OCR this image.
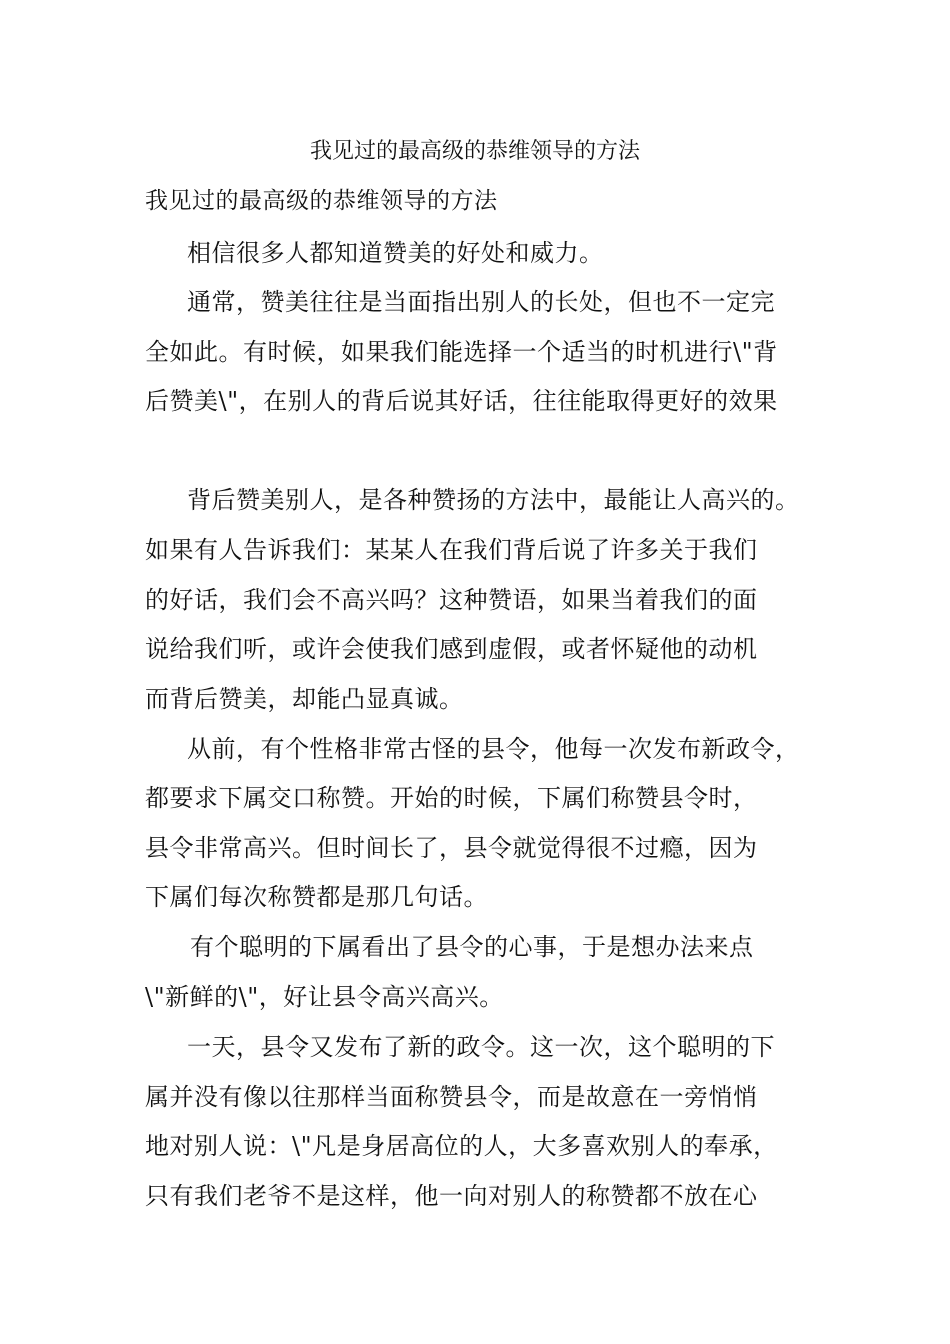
我见过的最高级的恭维领导的方法
我见过的最高级的恭维领导的方法
相信很多人都知道赞美的好处和威力。
通常，赞美往往是当面指出别人的长处，但也不一定完
全如此。有时候，如果我们能选择一个适当的时机进行\"背
后赞美\"，在别人的背后说其好话，往往能取得更好的效果
背后赞美别人，是各种赞扬的方法中，最能让人高兴的。
如果有人告诉我们：某某人在我们背后说了许多关于我们
的好话，我们会不高兴吗？这种赞语，如果当着我们的面
说给我们听，或许会使我们感到虚假，或者怀疑他的动机
而背后赞美，却能凸显真诚。
从前，有个性格非常古怪的县令，他每一次发布新政令，
都要求下属交口称赞。开始的时候，下属们称赞县令时，
县令非常高兴。但时间长了，县令就觉得很不过瘾，因为
下属们每次称赞都是那几句话。
有个聪明的下属看出了县令的心事，于是想办法来点
\"新鲜的\"，好让县令高兴高兴。
一天，县令又发布了新的政令。这一次，这个聪明的下
属并没有像以往那样当面称赞县令，而是故意在一旁悄悄
地对别人说：\"凡是身居高位的人，大多喜欢别人的奉承，
只有我们老爷不是这样，他一向对别人的称赞都不放在心
